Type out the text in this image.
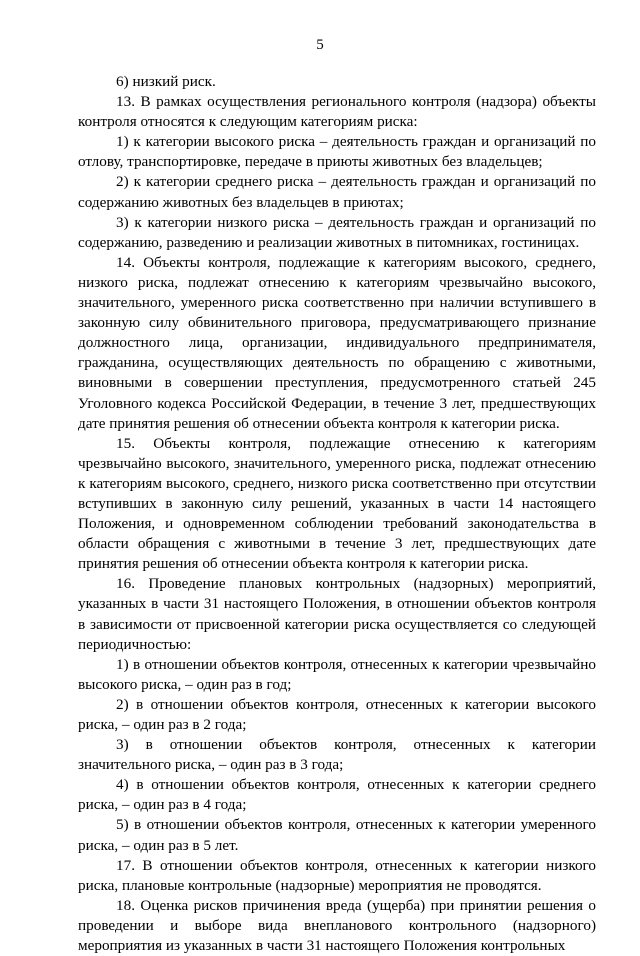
5

6) низкий риск.

13. В рамках осуществления регионального контроля (надзора) объекты контроля относятся к следующим категориям риска:

1) к категории высокого риска – деятельность граждан и организаций по отлову, транспортировке, передаче в приюты животных без владельцев;

2) к категории среднего риска – деятельность граждан и организаций по содержанию животных без владельцев в приютах;

3) к категории низкого риска – деятельность граждан и организаций по содержанию, разведению и реализации животных в питомниках, гостиницах.

14. Объекты контроля, подлежащие к категориям высокого, среднего, низкого риска, подлежат отнесению к категориям чрезвычайно высокого, значительного, умеренного риска соответственно при наличии вступившего в законную силу обвинительного приговора, предусматривающего признание должностного лица, организации, индивидуального предпринимателя, гражданина, осуществляющих деятельность по обращению с животными, виновными в совершении преступления, предусмотренного статьей 245 Уголовного кодекса Российской Федерации, в течение 3 лет, предшествующих дате принятия решения об отнесении объекта контроля к категории риска.

15. Объекты контроля, подлежащие отнесению к категориям чрезвычайно высокого, значительного, умеренного риска, подлежат отнесению к категориям высокого, среднего, низкого риска соответственно при отсутствии вступивших в законную силу решений, указанных в части 14 настоящего Положения, и одновременном соблюдении требований законодательства в области обращения с животными в течение 3 лет, предшествующих дате принятия решения об отнесении объекта контроля к категории риска.

16. Проведение плановых контрольных (надзорных) мероприятий, указанных в части 31 настоящего Положения, в отношении объектов контроля в зависимости от присвоенной категории риска осуществляется со следующей периодичностью:

1) в отношении объектов контроля, отнесенных к категории чрезвычайно высокого риска, – один раз в год;

2) в отношении объектов контроля, отнесенных к категории высокого риска, – один раз в 2 года;

3) в отношении объектов контроля, отнесенных к категории значительного риска, – один раз в 3 года;

4) в отношении объектов контроля, отнесенных к категории среднего риска, – один раз в 4 года;

5) в отношении объектов контроля, отнесенных к категории умеренного риска, – один раз в 5 лет.

17. В отношении объектов контроля, отнесенных к категории низкого риска, плановые контрольные (надзорные) мероприятия не проводятся.

18. Оценка рисков причинения вреда (ущерба) при принятии решения о проведении и выборе вида внепланового контрольного (надзорного) мероприятия из указанных в части 31 настоящего Положения контрольных
